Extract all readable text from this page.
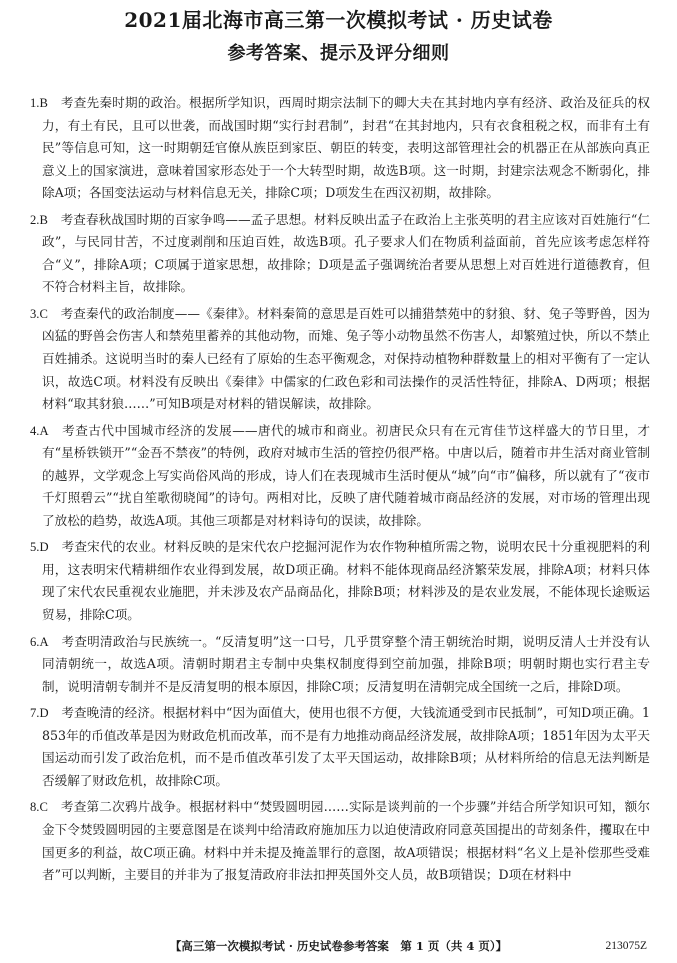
2021届北海市高三第一次模拟考试 · 历史试卷
参考答案、提示及评分细则
1.B　 考查先秦时期的政治。根据所学知识，西周时期宗法制下的卿大夫在其封地内享有经济、政治及征兵的权力，有土有民，且可以世袭，而战国时期“实行封君制”，封君“在其封地内，只有衣食租税之权，而非有土有民”等信息可知，这一时期朝廷官僚从族臣到家臣、朝臣的转变，表明这部管理社会的机器正在从部族向真正意义上的国家演进，意味着国家形态处于一个大转型时期，故选B项。这一时期，封建宗法观念不断弱化，排除A项；各国变法运动与材料信息无关，排除C项；D项发生在西汉初期，故排除。
2.B　 考查春秋战国时期的百家争鸣——孟子思想。材料反映出孟子在政治上主张英明的君主应该对百姓施行“仁政”，与民同甘苦，不过度剥削和压迫百姓，故选B项。孔子要求人们在物质利益面前，首先应该考虑怎样符合“义”，排除A项；C项属于道家思想，故排除；D项是孟子强调统治者要从思想上对百姓进行道德教育，但不符合材料主旨，故排除。
3.C　 考查秦代的政治制度——《秦律》。材料秦简的意思是百姓可以捕猎禁苑中的豺狼、豺、兔子等野兽，因为凶猛的野兽会伤害人和禁苑里蓄养的其他动物，而雉、兔子等小动物虽然不伤害人，却繁殖过快，所以不禁止百姓捕杀。这说明当时的秦人已经有了原始的生态平衡观念，对保持动植物种群数量上的相对平衡有了一定认识，故选C项。材料没有反映出《秦律》中儒家的仁政色彩和司法操作的灵活性特征，排除A、D两项；根据材料“取其豺狼……”可知B项是对材料的错误解读，故排除。
4.A　 考查古代中国城市经济的发展——唐代的城市和商业。初唐民众只有在元宵佳节这样盛大的节日里，才有“星桥铁锁开”“金吾不禁夜”的特例，政府对城市生活的管控仍很严格。中唐以后，随着市井生活对商业管制的越界，文学观念上写实尚俗风尚的形成，诗人们在表现城市生活时便从“城”向“市”偏移，所以就有了“夜市千灯照碧云”“扰自笙歌彻晓闻”的诗句。两相对比，反映了唐代随着城市商品经济的发展，对市场的管理出现了放松的趋势，故选A项。其他三项都是对材料诗句的误读，故排除。
5.D　 考查宋代的农业。材料反映的是宋代农户挖掘河泥作为农作物种植所需之物，说明农民十分重视肥料的利用，这表明宋代精耕细作农业得到发展，故D项正确。材料不能体现商品经济繁荣发展，排除A项；材料只体现了宋代农民重视农业施肥，并未涉及农产品商品化，排除B项；材料涉及的是农业发展，不能体现长途贩运贸易，排除C项。
6.A　 考查明清政治与民族统一。“反清复明”这一口号，几乎贯穿整个清王朝统治时期，说明反清人士并没有认同清朝统一，故选A项。清朝时期君主专制中央集权制度得到空前加强，排除B项；明朝时期也实行君主专制，说明清朝专制并不是反清复明的根本原因，排除C项；反清复明在清朝完成全国统一之后，排除D项。
7.D　 考查晚清的经济。根据材料中“因为面值大，使用也很不方便，大钱流通受到市民抵制”，可知D项正确。1853年的币值改革是因为财政危机而改革，而不是有力地推动商品经济发展，故排除A项；1851年因为太平天国运动而引发了政治危机，而不是币值改革引发了太平天国运动，故排除B项；从材料所给的信息无法判断是否缓解了财政危机，故排除C项。
8.C　 考查第二次鸦片战争。根据材料中“焚毁圆明园……实际是谈判前的一个步骤”并结合所学知识可知，额尔金下令焚毁圆明园的主要意图是在谈判中给清政府施加压力以迫使清政府同意英国提出的苛刻条件，攫取在中国更多的利益，故C项正确。材料中并未提及掩盖罪行的意图，故A项错误；根据材料“名义上是补偿那些受难者”可以判断，主要目的并非为了报复清政府非法扣押英国外交人员，故B项错误；D项在材料中
【高三第一次模拟考试 · 历史试卷参考答案　第 1 页（共 4 页）】	213075Z
